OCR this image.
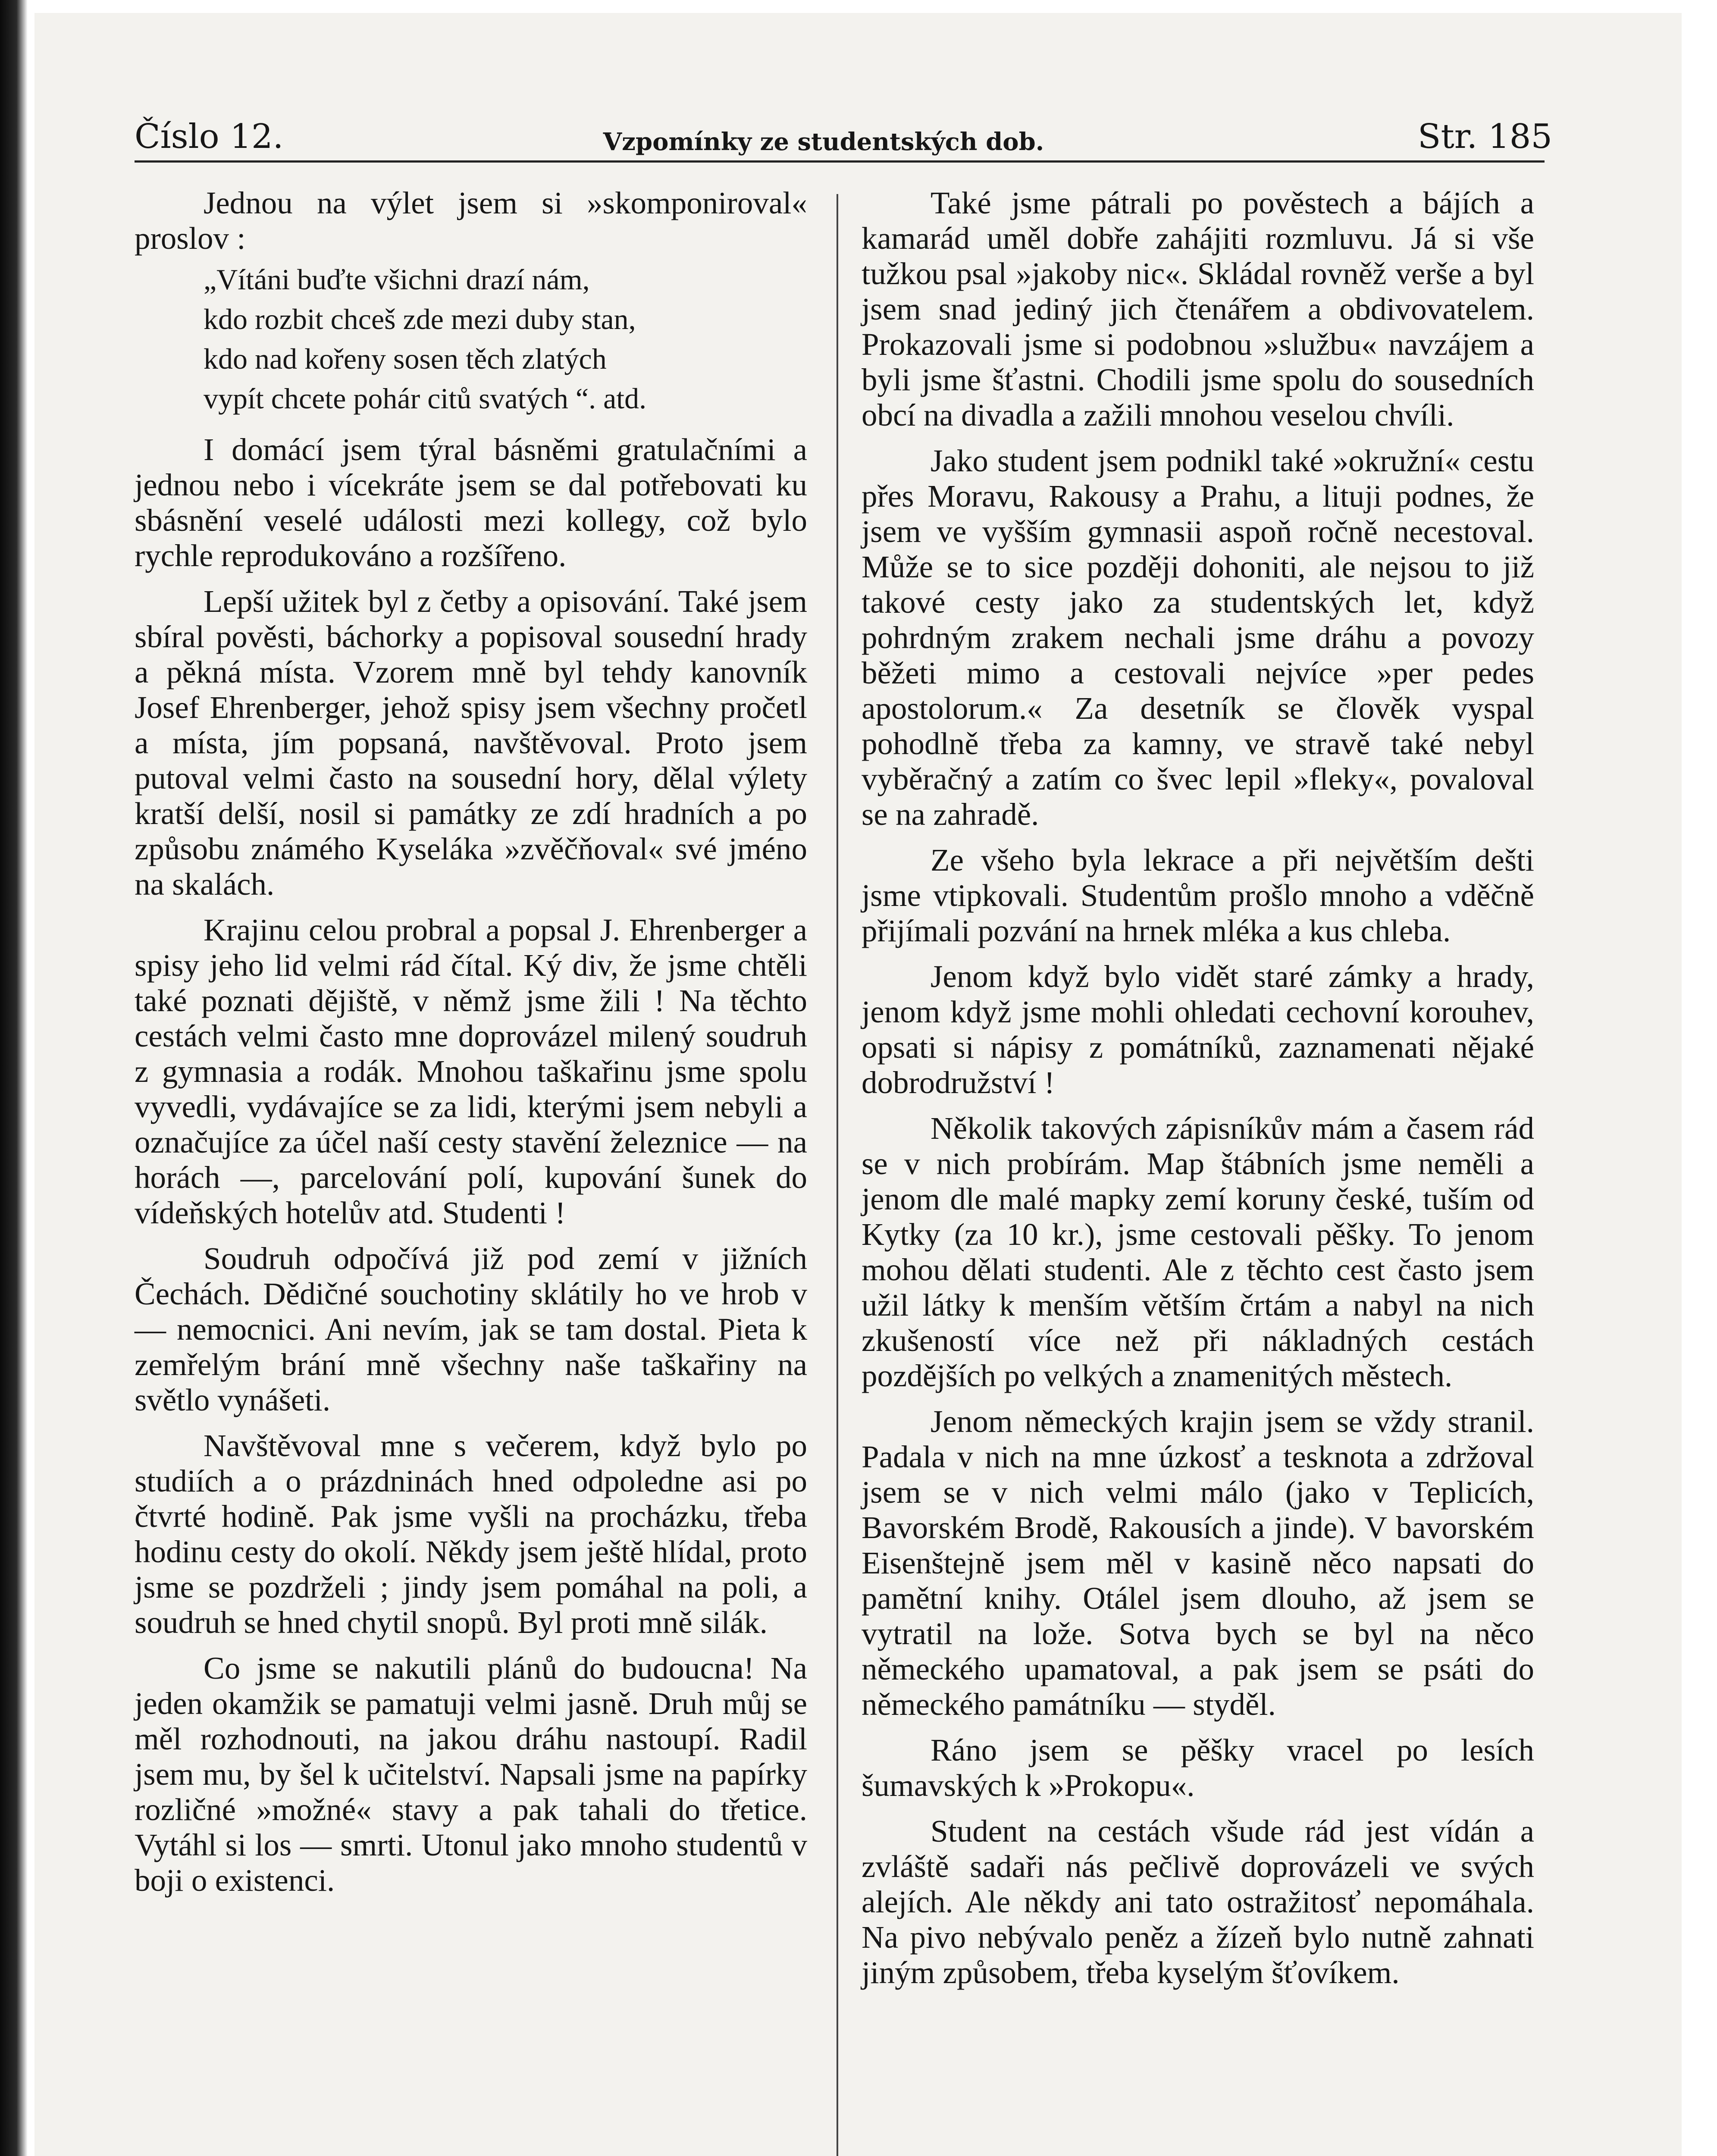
Číslo 12.	Vzpomínky ze studentských dob.	Str. 185

Jednou na výlet jsem si »skomponiroval« proslov :

„Vítáni buďte všichni drazí nám,
kdo rozbit chceš zde mezi duby stan,
kdo nad kořeny sosen těch zlatých
vypít chcete pohár citů svatých “. atd.

I domácí jsem týral básněmi gratulačními a jednou nebo i vícekráte jsem se dal potřebovati ku sbásnění veselé události mezi kollegy, což bylo rychle reprodukováno a rozšířeno.

Lepší užitek byl z četby a opisování. Také jsem sbíral pověsti, báchorky a popisoval sousední hrady a pěkná místa. Vzorem mně byl tehdy kanovník Josef Ehrenberger, jehož spisy jsem všechny pročetl a místa, jím popsaná, navštěvoval. Proto jsem putoval velmi často na sousední hory, dělal výlety kratší delší, nosil si památky ze zdí hradních a po způsobu známého Kyseláka »zvěčňoval« své jméno na skalách.

Krajinu celou probral a popsal J. Ehrenberger a spisy jeho lid velmi rád čítal. Ký div, že jsme chtěli také poznati dějiště, v němž jsme žili ! Na těchto cestách velmi často mne doprovázel milený soudruh z gymnasia a rodák. Mnohou taškařinu jsme spolu vyvedli, vydávajíce se za lidi, kterými jsem nebyli a označujíce za účel naší cesty stavění železnice — na horách —, parcelování polí, kupování šunek do vídeňských hotelův atd. Studenti !

Soudruh odpočívá již pod zemí v jižních Čechách. Dědičné souchotiny sklátily ho ve hrob v — nemocnici. Ani nevím, jak se tam dostal. Pieta k zemřelým brání mně všechny naše taškařiny na světlo vynášeti.

Navštěvoval mne s večerem, když bylo po studiích a o prázdninách hned odpoledne asi po čtvrté hodině. Pak jsme vyšli na procházku, třeba hodinu cesty do okolí. Někdy jsem ještě hlídal, proto jsme se pozdrželi ; jindy jsem pomáhal na poli, a soudruh se hned chytil snopů. Byl proti mně silák.

Co jsme se nakutili plánů do budoucna! Na jeden okamžik se pamatuji velmi jasně. Druh můj se měl rozhodnouti, na jakou dráhu nastoupí. Radil jsem mu, by šel k učitelství. Napsali jsme na papírky rozličné »možné« stavy a pak tahali do třetice. Vytáhl si los — smrti. Utonul jako mnoho studentů v boji o existenci.

Také jsme pátrali po pověstech a bájích a kamarád uměl dobře zahájiti rozmluvu. Já si vše tužkou psal »jakoby nic«. Skládal rovněž verše a byl jsem snad jediný jich čtenářem a obdivovatelem. Prokazovali jsme si podobnou »službu« navzájem a byli jsme šťastni. Chodili jsme spolu do sousedních obcí na divadla a zažili mnohou veselou chvíli.

Jako student jsem podnikl také »okružní« cestu přes Moravu, Rakousy a Prahu, a lituji podnes, že jsem ve vyšším gymnasii aspoň ročně necestoval. Může se to sice později dohoniti, ale nejsou to již takové cesty jako za studentských let, když pohrdným zrakem nechali jsme dráhu a povozy běžeti mimo a cestovali nejvíce »per pedes apostolorum.« Za desetník se člověk vyspal pohodlně třeba za kamny, ve stravě také nebyl vyběračný a zatím co švec lepil »fleky«, povaloval se na zahradě.

Ze všeho byla lekrace a při největším dešti jsme vtipkovali. Studentům prošlo mnoho a vděčně přijímali pozvání na hrnek mléka a kus chleba.

Jenom když bylo vidět staré zámky a hrady, jenom když jsme mohli ohledati cechovní korouhev, opsati si nápisy z pomátníků, zaznamenati nějaké dobrodružství !

Několik takových zápisníkův mám a časem rád se v nich probírám. Map štábních jsme neměli a jenom dle malé mapky zemí koruny české, tuším od Kytky (za 10 kr.), jsme cestovali pěšky. To jenom mohou dělati studenti. Ale z těchto cest často jsem užil látky k menším větším črtám a nabyl na nich zkušeností více než při nákladných cestách pozdějších po velkých a znamenitých městech.

Jenom německých krajin jsem se vždy stranil. Padala v nich na mne úzkosť a tesknota a zdržoval jsem se v nich velmi málo (jako v Teplicích, Bavorském Brodě, Rakousích a jinde). V bavorském Eisenštejně jsem měl v kasině něco napsati do pamětní knihy. Otálel jsem dlouho, až jsem se vytratil na lože. Sotva bych se byl na něco německého upamatoval, a pak jsem se psáti do německého památníku — styděl.

Ráno jsem se pěšky vracel po lesích šumavských k »Prokopu«.

Student na cestách všude rád jest vídán a zvláště sadaři nás pečlivě doprovázeli ve svých alejích. Ale někdy ani tato ostražitosť nepomáhala. Na pivo nebývalo peněz a žízeň bylo nutně zahnati jiným způsobem, třeba kyselým šťovíkem.
